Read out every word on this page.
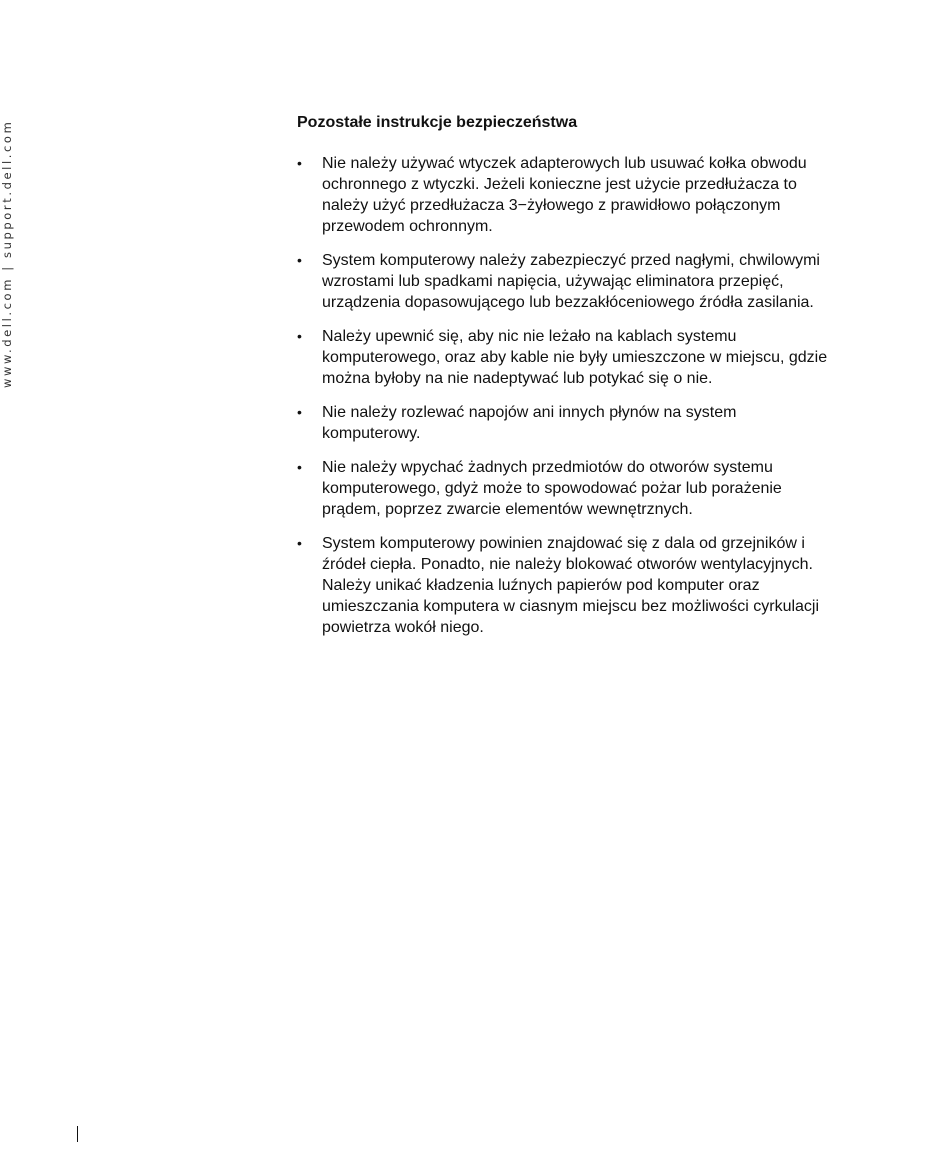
www.dell.com | support.dell.com	Pozostałe instrukcje bezpieczeństwa
• Nie należy używać wtyczek adapterowych lub usuwać kołka obwodu ochronnego z wtyczki. Jeżeli konieczne jest użycie przedłużacza to należy użyć przedłużacza 3−żyłowego z prawidłowo połączonym przewodem ochronnym.
• System komputerowy należy zabezpieczyć przed nagłymi, chwilowymi wzrostami lub spadkami napięcia, używając eliminatora przepięć, urządzenia dopasowującego lub bezzakłóceniowego źródła zasilania.
• Należy upewnić się, aby nic nie leżało na kablach systemu komputerowego, oraz aby kable nie były umieszczone w miejscu, gdzie można byłoby na nie nadeptywać lub potykać się o nie.
• Nie należy rozlewać napojów ani innych płynów na system komputerowy.
• Nie należy wpychać żadnych przedmiotów do otworów systemu komputerowego, gdyż może to spowodować pożar lub porażenie prądem, poprzez zwarcie elementów wewnętrznych.
• System komputerowy powinien znajdować się z dala od grzejników i źródeł ciepła. Ponadto, nie należy blokować otworów wentylacyjnych. Należy unikać kładzenia luźnych papierów pod komputer oraz umieszczania komputera w ciasnym miejscu bez możliwości cyrkulacji powietrza wokół niego.
